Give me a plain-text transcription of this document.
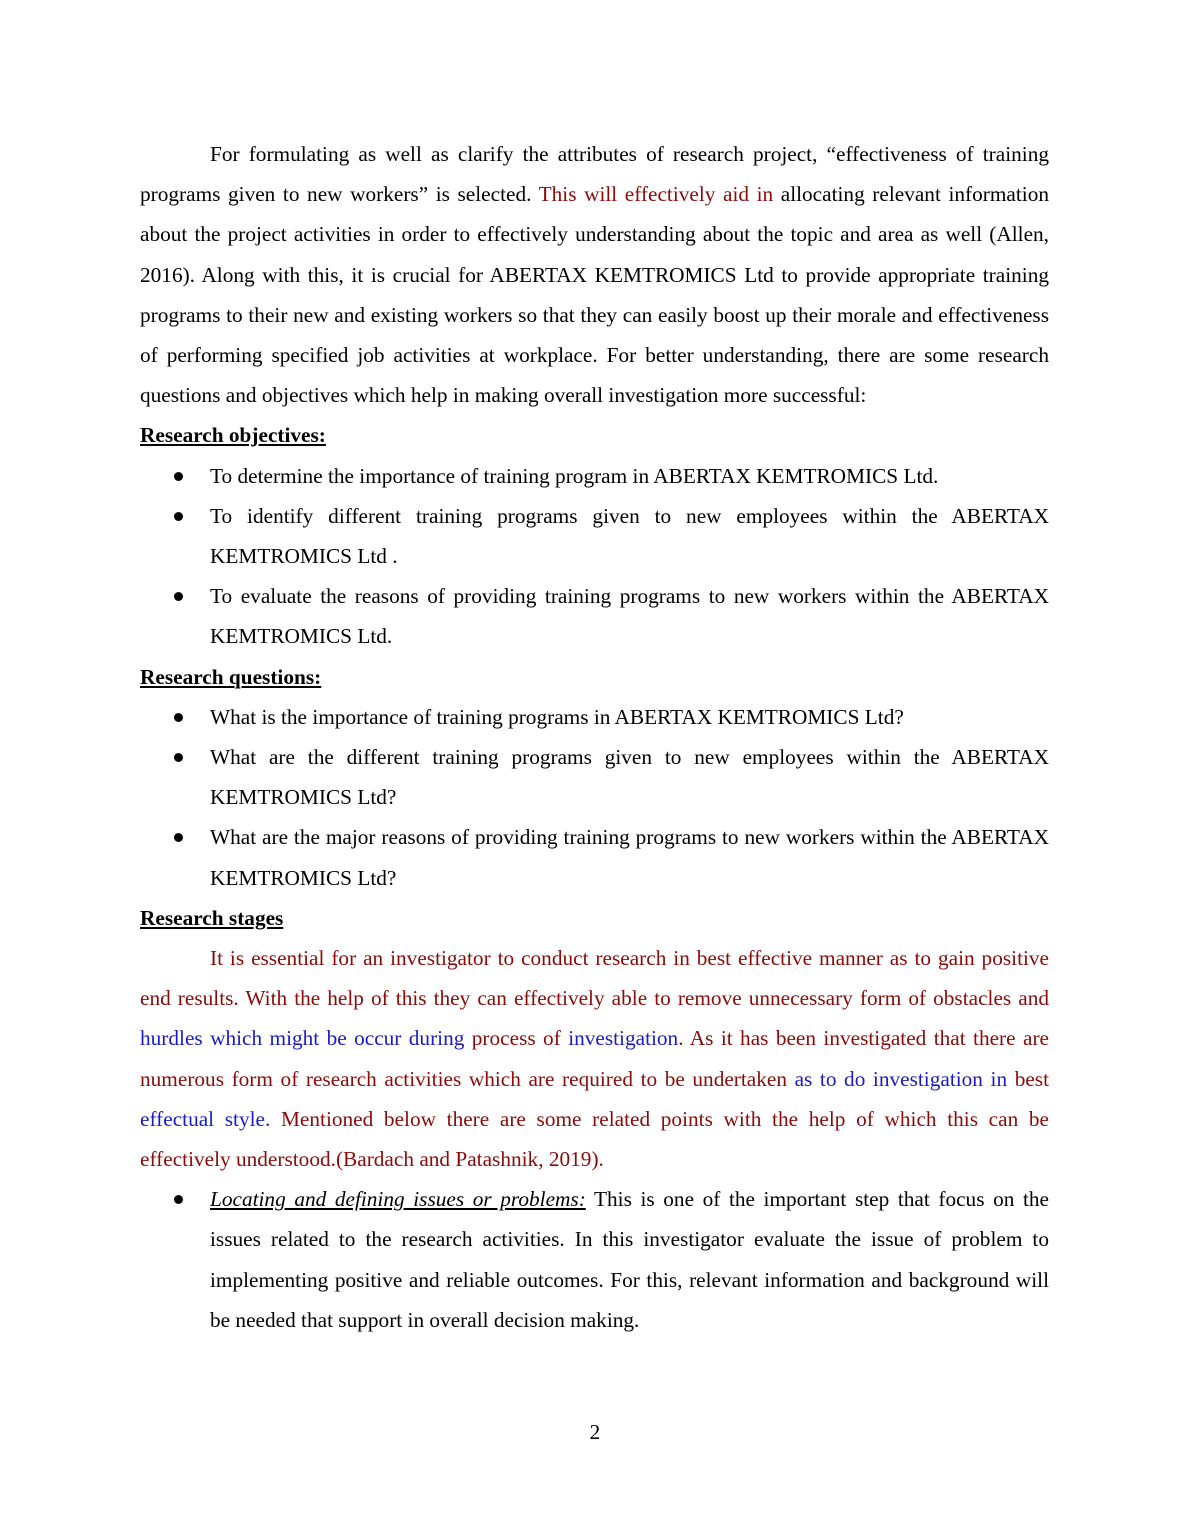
For formulating as well as clarify the attributes of research project, “effectiveness of training programs given to new workers” is selected. This will effectively aid in allocating relevant information about the project activities in order to effectively understanding about the topic and area as well (Allen, 2016). Along with this, it is crucial for ABERTAX KEMTROMICS Ltd to provide appropriate training programs to their new and existing workers so that they can easily boost up their morale and effectiveness of performing specified job activities at workplace. For better understanding, there are some research questions and objectives which help in making overall investigation more successful:

Research objectives:

To determine the importance of training program in ABERTAX KEMTROMICS Ltd.
To identify different training programs given to new employees within the ABERTAX KEMTROMICS Ltd .
To evaluate the reasons of providing training programs to new workers within the ABERTAX KEMTROMICS Ltd.

Research questions:

What is the importance of training programs in ABERTAX KEMTROMICS Ltd?
What are the different training programs given to new employees within the ABERTAX KEMTROMICS Ltd?
What are the major reasons of providing training programs to new workers within the ABERTAX KEMTROMICS Ltd?

Research stages

It is essential for an investigator to conduct research in best effective manner as to gain positive end results. With the help of this they can effectively able to remove unnecessary form of obstacles and hurdles which might be occur during process of investigation. As it has been investigated that there are numerous form of research activities which are required to be undertaken as to do investigation in best effectual style. Mentioned below there are some related points with the help of which this can be effectively understood.(Bardach and Patashnik, 2019).

Locating and defining issues or problems: This is one of the important step that focus on the issues related to the research activities. In this investigator evaluate the issue of problem to implementing positive and reliable outcomes. For this, relevant information and background will be needed that support in overall decision making.
2
